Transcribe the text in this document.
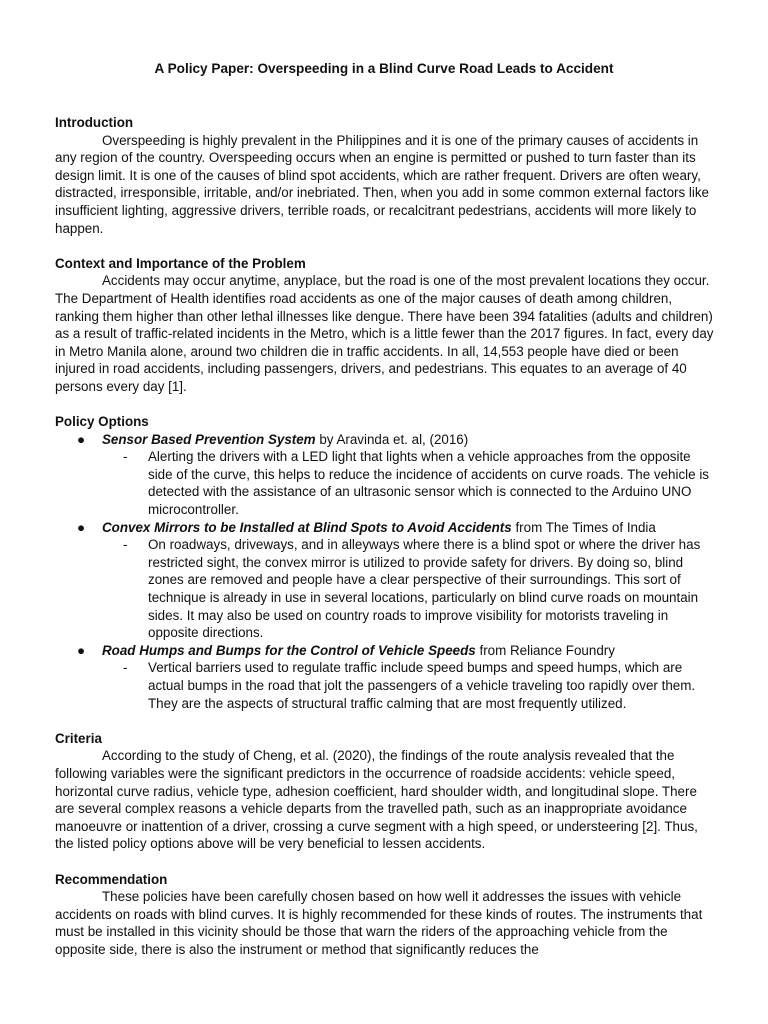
A Policy Paper: Overspeeding in a Blind Curve Road Leads to Accident
Introduction

Overspeeding is highly prevalent in the Philippines and it is one of the primary causes of accidents in any region of the country. Overspeeding occurs when an engine is permitted or pushed to turn faster than its design limit. It is one of the causes of blind spot accidents, which are rather frequent. Drivers are often weary, distracted, irresponsible, irritable, and/or inebriated. Then, when you add in some common external factors like insufficient lighting, aggressive drivers, terrible roads, or recalcitrant pedestrians, accidents will more likely to happen.

Context and Importance of the Problem

Accidents may occur anytime, anyplace, but the road is one of the most prevalent locations they occur. The Department of Health identifies road accidents as one of the major causes of death among children, ranking them higher than other lethal illnesses like dengue. There have been 394 fatalities (adults and children) as a result of traffic-related incidents in the Metro, which is a little fewer than the 2017 figures. In fact, every day in Metro Manila alone, around two children die in traffic accidents. In all, 14,553 people have died or been injured in road accidents, including passengers, drivers, and pedestrians. This equates to an average of 40 persons every day [1].

Policy Options
● Sensor Based Prevention System by Aravinda et. al, (2016)
- Alerting the drivers with a LED light that lights when a vehicle approaches from the opposite side of the curve, this helps to reduce the incidence of accidents on curve roads. The vehicle is detected with the assistance of an ultrasonic sensor which is connected to the Arduino UNO microcontroller.
● Convex Mirrors to be Installed at Blind Spots to Avoid Accidents from The Times of India
- On roadways, driveways, and in alleyways where there is a blind spot or where the driver has restricted sight, the convex mirror is utilized to provide safety for drivers. By doing so, blind zones are removed and people have a clear perspective of their surroundings. This sort of technique is already in use in several locations, particularly on blind curve roads on mountain sides. It may also be used on country roads to improve visibility for motorists traveling in opposite directions.
● Road Humps and Bumps for the Control of Vehicle Speeds from Reliance Foundry
- Vertical barriers used to regulate traffic include speed bumps and speed humps, which are actual bumps in the road that jolt the passengers of a vehicle traveling too rapidly over them. They are the aspects of structural traffic calming that are most frequently utilized.
Criteria

According to the study of Cheng, et al. (2020), the findings of the route analysis revealed that the following variables were the significant predictors in the occurrence of roadside accidents: vehicle speed, horizontal curve radius, vehicle type, adhesion coefficient, hard shoulder width, and longitudinal slope. There are several complex reasons a vehicle departs from the travelled path, such as an inappropriate avoidance manoeuvre or inattention of a driver, crossing a curve segment with a high speed, or understeering [2]. Thus, the listed policy options above will be very beneficial to lessen accidents.

Recommendation

These policies have been carefully chosen based on how well it addresses the issues with vehicle accidents on roads with blind curves. It is highly recommended for these kinds of routes. The instruments that must be installed in this vicinity should be those that warn the riders of the approaching vehicle from the opposite side, there is also the instrument or method that significantly reduces the
